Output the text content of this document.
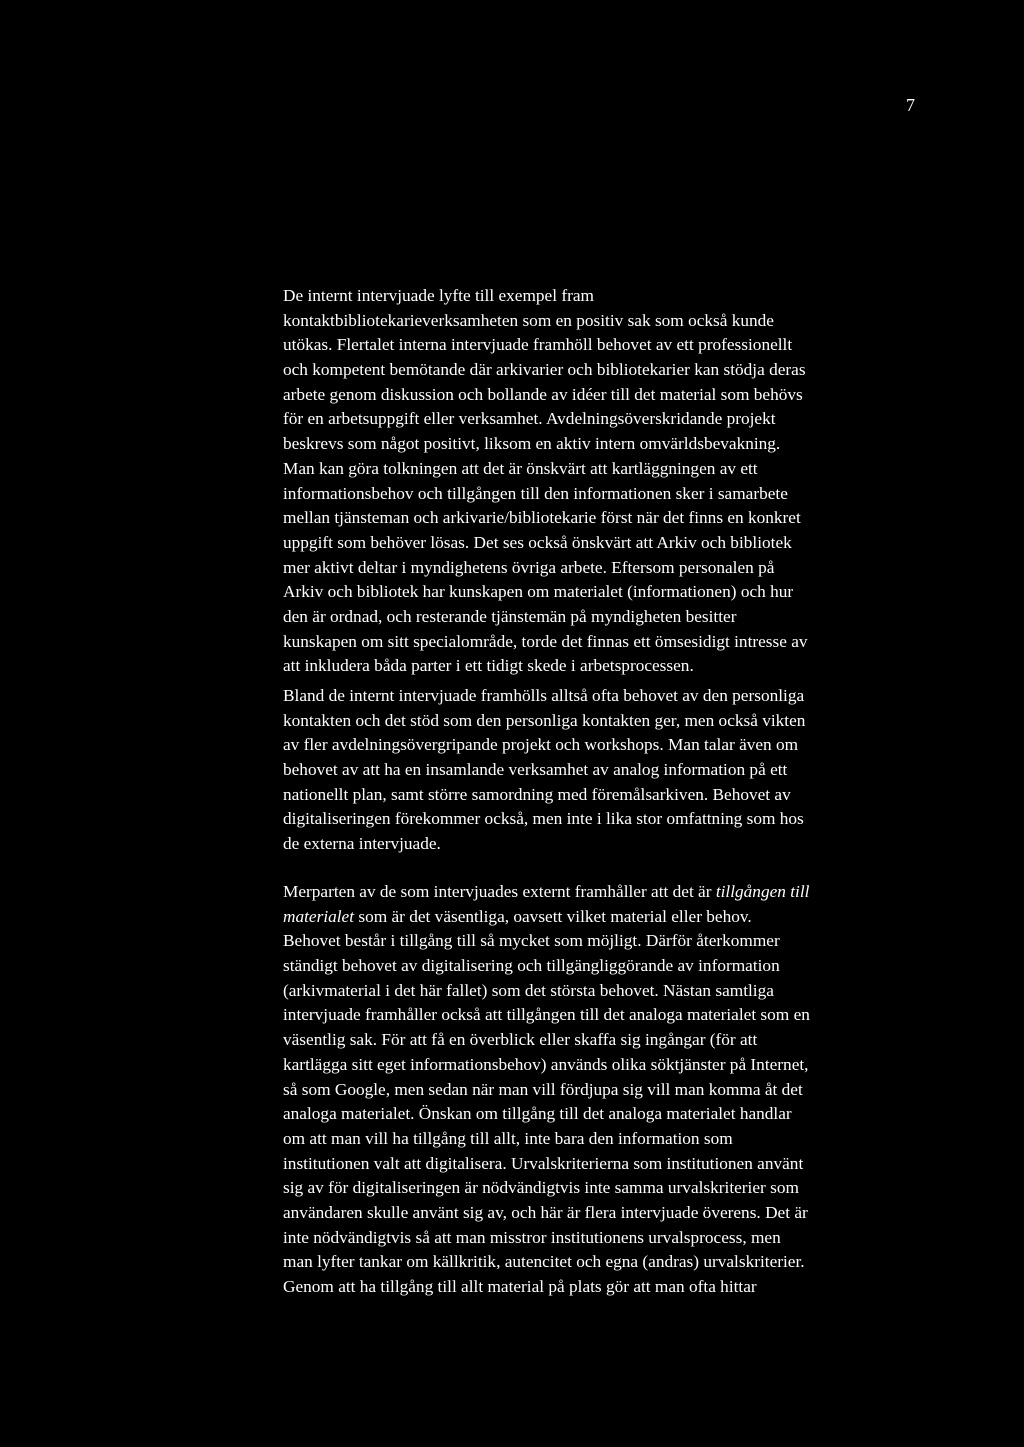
7
De internt intervjuade lyfte till exempel fram
kontaktbibliotekarieverksamheten som en positiv sak som också kunde
utökas. Flertalet interna intervjuade framhöll behovet av ett professionellt
och kompetent bemötande där arkivarier och bibliotekarier kan stödja deras
arbete genom diskussion och bollande av idéer till det material som behövs
för en arbetsuppgift eller verksamhet. Avdelningsöverskridande projekt
beskrevs som något positivt, liksom en aktiv intern omvärldsbevakning.
Man kan göra tolkningen att det är önskvärt att kartläggningen av ett
informationsbehov och tillgången till den informationen sker i samarbete
mellan tjänsteman och arkivarie/bibliotekarie först när det finns en konkret
uppgift som behöver lösas. Det ses också önskvärt att Arkiv och bibliotek
mer aktivt deltar i myndighetens övriga arbete. Eftersom personalen på
Arkiv och bibliotek har kunskapen om materialet (informationen) och hur
den är ordnad, och resterande tjänstemän på myndigheten besitter
kunskapen om sitt specialområde, torde det finnas ett ömsesidigt intresse av
att inkludera båda parter i ett tidigt skede i arbetsprocessen.
Bland de internt intervjuade framhölls alltså ofta behovet av den personliga
kontakten och det stöd som den personliga kontakten ger, men också vikten
av fler avdelningsövergripande projekt och workshops. Man talar även om
behovet av att ha en insamlande verksamhet av analog information på ett
nationellt plan, samt större samordning med föremålsarkiven. Behovet av
digitaliseringen förekommer också, men inte i lika stor omfattning som hos
de externa intervjuade.
Merparten av de som intervjuades externt framhåller att det är tillgången till
materialet som är det väsentliga, oavsett vilket material eller behov.
Behovet består i tillgång till så mycket som möjligt. Därför återkommer
ständigt behovet av digitalisering och tillgängliggörande av information
(arkivmaterial i det här fallet) som det största behovet. Nästan samtliga
intervjuade framhåller också att tillgången till det analoga materialet som en
väsentlig sak. För att få en överblick eller skaffa sig ingångar (för att
kartlägga sitt eget informationsbehov) används olika söktjänster på Internet,
så som Google, men sedan när man vill fördjupa sig vill man komma åt det
analoga materialet. Önskan om tillgång till det analoga materialet handlar
om att man vill ha tillgång till allt, inte bara den information som
institutionen valt att digitalisera. Urvalskriterierna som institutionen använt
sig av för digitaliseringen är nödvändigtvis inte samma urvalskriterier som
användaren skulle använt sig av, och här är flera intervjuade överens. Det är
inte nödvändigtvis så att man misstror institutionens urvalsprocess, men
man lyfter tankar om källkritik, autencitet och egna (andras) urvalskriterier.
Genom att ha tillgång till allt material på plats gör att man ofta hittar
